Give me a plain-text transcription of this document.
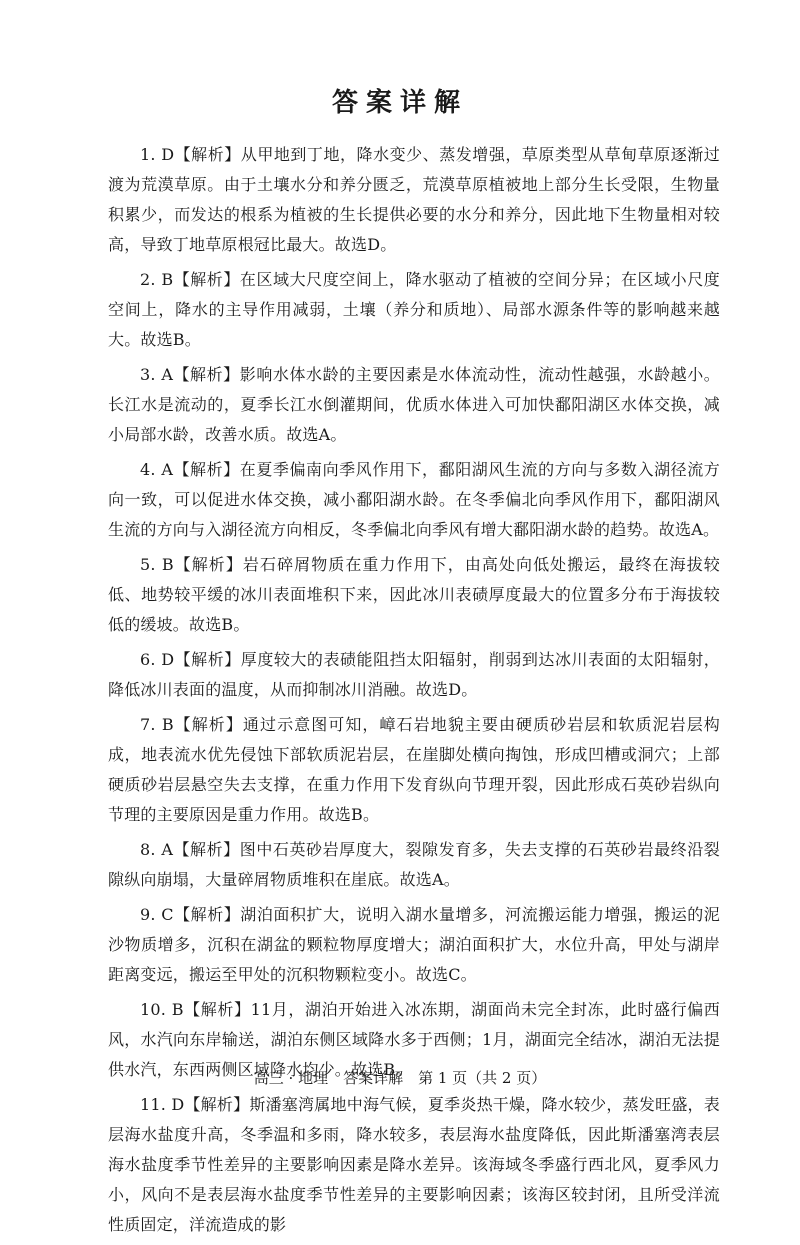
答案详解

1. D【解析】从甲地到丁地，降水变少、蒸发增强，草原类型从草甸草原逐渐过渡为荒漠草原。由于土壤水分和养分匮乏，荒漠草原植被地上部分生长受限，生物量积累少，而发达的根系为植被的生长提供必要的水分和养分，因此地下生物量相对较高，导致丁地草原根冠比最大。故选D。

2. B【解析】在区域大尺度空间上，降水驱动了植被的空间分异；在区域小尺度空间上，降水的主导作用减弱，土壤（养分和质地）、局部水源条件等的影响越来越大。故选B。

3. A【解析】影响水体水龄的主要因素是水体流动性，流动性越强，水龄越小。长江水是流动的，夏季长江水倒灌期间，优质水体进入可加快鄱阳湖区水体交换，减小局部水龄，改善水质。故选A。

4. A【解析】在夏季偏南向季风作用下，鄱阳湖风生流的方向与多数入湖径流方向一致，可以促进水体交换，减小鄱阳湖水龄。在冬季偏北向季风作用下，鄱阳湖风生流的方向与入湖径流方向相反，冬季偏北向季风有增大鄱阳湖水龄的趋势。故选A。

5. B【解析】岩石碎屑物质在重力作用下，由高处向低处搬运，最终在海拔较低、地势较平缓的冰川表面堆积下来，因此冰川表碛厚度最大的位置多分布于海拔较低的缓坡。故选B。

6. D【解析】厚度较大的表碛能阻挡太阳辐射，削弱到达冰川表面的太阳辐射，降低冰川表面的温度，从而抑制冰川消融。故选D。

7. B【解析】通过示意图可知，嶂石岩地貌主要由硬质砂岩层和软质泥岩层构成，地表流水优先侵蚀下部软质泥岩层，在崖脚处横向掏蚀，形成凹槽或洞穴；上部硬质砂岩层悬空失去支撑，在重力作用下发育纵向节理开裂，因此形成石英砂岩纵向节理的主要原因是重力作用。故选B。

8. A【解析】图中石英砂岩厚度大，裂隙发育多，失去支撑的石英砂岩最终沿裂隙纵向崩塌，大量碎屑物质堆积在崖底。故选A。

9. C【解析】湖泊面积扩大，说明入湖水量增多，河流搬运能力增强，搬运的泥沙物质增多，沉积在湖盆的颗粒物厚度增大；湖泊面积扩大，水位升高，甲处与湖岸距离变远，搬运至甲处的沉积物颗粒变小。故选C。

10. B【解析】11月，湖泊开始进入冰冻期，湖面尚未完全封冻，此时盛行偏西风，水汽向东岸输送，湖泊东侧区域降水多于西侧；1月，湖面完全结冰，湖泊无法提供水汽，东西两侧区域降水均少。故选B。

11. D【解析】斯潘塞湾属地中海气候，夏季炎热干燥，降水较少，蒸发旺盛，表层海水盐度升高，冬季温和多雨，降水较多，表层海水盐度降低，因此斯潘塞湾表层海水盐度季节性差异的主要影响因素是降水差异。该海域冬季盛行西北风，夏季风力小，风向不是表层海水盐度季节性差异的主要影响因素；该海区较封闭，且所受洋流性质固定，洋流造成的影

高三 · 地理　答案详解　第 1 页（共 2 页）
